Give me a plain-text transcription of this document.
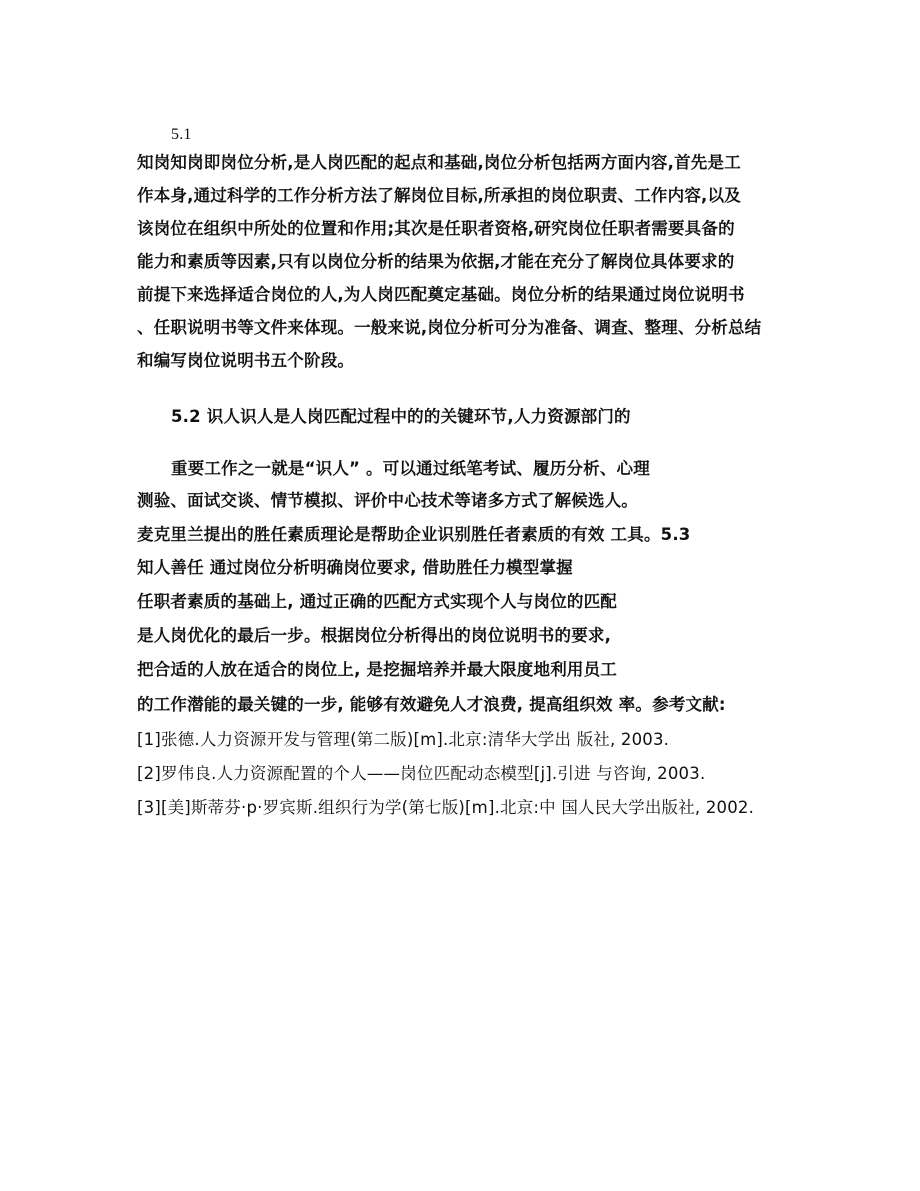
5.1
知岗知岗即岗位分析,是人岗匹配的起点和基础,岗位分析包括两方面内容,首先是工
作本身,通过科学的工作分析方法了解岗位目标,所承担的岗位职责、工作内容,以及
该岗位在组织中所处的位置和作用;其次是任职者资格,研究岗位任职者需要具备的
能力和素质等因素,只有以岗位分析的结果为依据,才能在充分了解岗位具体要求的
前提下来选择适合岗位的人,为人岗匹配奠定基础。岗位分析的结果通过岗位说明书
、任职说明书等文件来体现。一般来说,岗位分析可分为准备、调查、整理、分析总结
和编写岗位说明书五个阶段。
5.2 识人识人是人岗匹配过程中的的关键环节,人力资源部门的
重要工作之一就是“识人” 。可以通过纸笔考试、履历分析、心理
测验、面试交谈、情节模拟、评价中心技术等诸多方式了解候选人。
麦克里兰提出的胜任素质理论是帮助企业识别胜任者素质的有效 工具。5.3
知人善任 通过岗位分析明确岗位要求, 借助胜任力模型掌握
任职者素质的基础上, 通过正确的匹配方式实现个人与岗位的匹配
是人岗优化的最后一步。根据岗位分析得出的岗位说明书的要求,
把合适的人放在适合的岗位上, 是挖掘培养并最大限度地利用员工
的工作潜能的最关键的一步, 能够有效避免人才浪费, 提高组织效 率。参考文献:
[1]张德.人力资源开发与管理(第二版)[m].北京:清华大学出 版社, 2003.
[2]罗伟良.人力资源配置的个人——岗位匹配动态模型[j].引进 与咨询, 2003.
[3][美]斯蒂芬·p·罗宾斯.组织行为学(第七版)[m].北京:中 国人民大学出版社, 2002.
